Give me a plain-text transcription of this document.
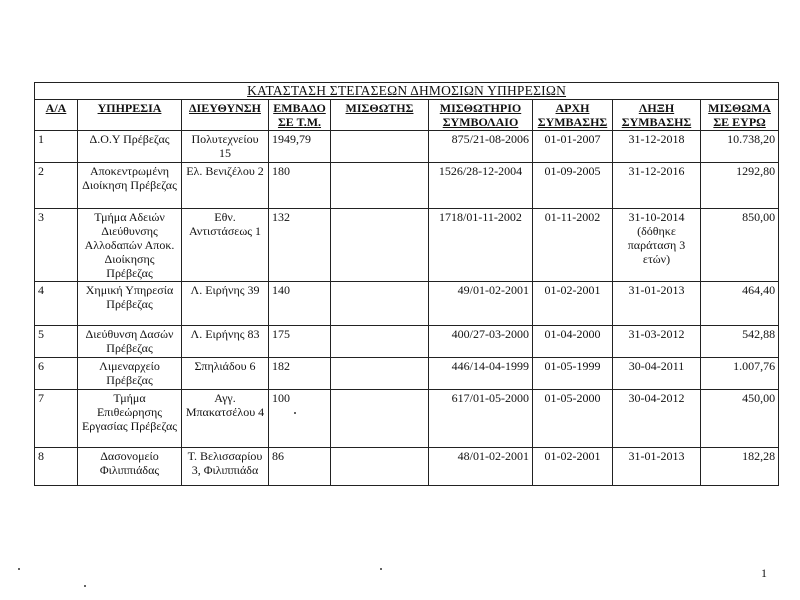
ΚΑΤΑΣΤΑΣΗ ΣΤΕΓΑΣΕΩΝ ΔΗΜΟΣΙΩΝ ΥΠΗΡΕΣΙΩΝ								
Α/Α	ΥΠΗΡΕΣΙΑ	ΔΙΕΥΘΥΝΣΗ	ΕΜΒΑΔΟ ΣΕ Τ.Μ.	ΜΙΣΘΩΤΗΣ	ΜΙΣΘΩΤΗΡΙΟ ΣΥΜΒΟΛΑΙΟ	ΑΡΧΗ ΣΥΜΒΑΣΗΣ	ΛΗΞΗ ΣΥΜΒΑΣΗΣ	ΜΙΣΘΩΜΑ ΣΕ ΕΥΡΩ
1	Δ.Ο.Υ Πρέβεζας	Πολυτεχνείου 15	1949,79		875/21-08-2006	01-01-2007	31-12-2018	10.738,20
2	Αποκεντρωμένη Διοίκηση Πρέβεζας	Ελ. Βενιζέλου 2	180		1526/28-12-2004	01-09-2005	31-12-2016	1292,80
3	Τμήμα Αδειών Διεύθυνσης Αλλοδαπών Αποκ. Διοίκησης Πρέβεζας	Εθν. Αντιστάσεως 1	132		1718/01-11-2002	01-11-2002	31-10-2014 (δόθηκε παράταση 3 ετών)	850,00
4	Χημική Υπηρεσία Πρέβεζας	Λ. Ειρήνης 39	140		49/01-02-2001	01-02-2001	31-01-2013	464,40
5	Διεύθυνση Δασών Πρέβεζας	Λ. Ειρήνης 83	175		400/27-03-2000	01-04-2000	31-03-2012	542,88
6	Λιμεναρχείο Πρέβεζας	Σπηλιάδου 6	182		446/14-04-1999	01-05-1999	30-04-2011	1.007,76
7	Τμήμα Επιθεώρησης Εργασίας Πρέβεζας	Αγγ. Μπακατσέλου 4	100		617/01-05-2000	01-05-2000	30-04-2012	450,00
8	Δασονομείο Φιλιππιάδας	Τ. Βελισσαρίου 3, Φιλιππιάδα	86		48/01-02-2001	01-02-2001	31-01-2013	182,28
1
